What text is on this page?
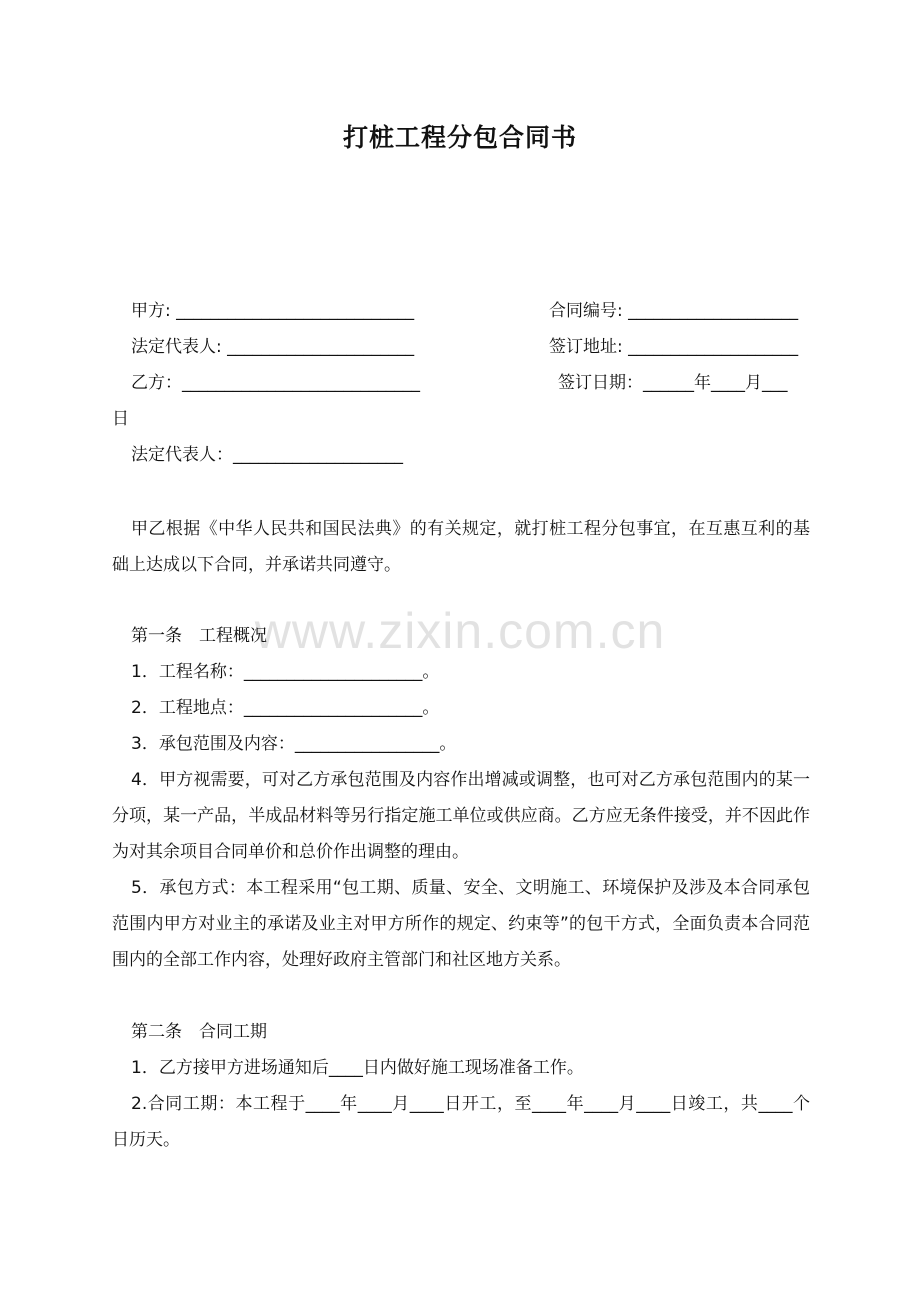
打桩工程分包合同书
甲方: ____________________________	合同编号: ____________________
法定代表人: ______________________	签订地址: ____________________
乙方：____________________________	签订日期：______年____月___
日
法定代表人：____________________
甲乙根据《中华人民共和国民法典》的有关规定，就打桩工程分包事宜，在互惠互利的基础上达成以下合同，并承诺共同遵守。
www.zixin.com.cn
第一条　工程概况
1．工程名称：_____________________。
2．工程地点：_____________________。
3．承包范围及内容：_________________。
4．甲方视需要，可对乙方承包范围及内容作出增减或调整，也可对乙方承包范围内的某一分项，某一产品，半成品材料等另行指定施工单位或供应商。乙方应无条件接受，并不因此作为对其余项目合同单价和总价作出调整的理由。
5．承包方式：本工程采用“包工期、质量、安全、文明施工、环境保护及涉及本合同承包范围内甲方对业主的承诺及业主对甲方所作的规定、约束等”的包干方式，全面负责本合同范围内的全部工作内容，处理好政府主管部门和社区地方关系。
第二条　合同工期
1．乙方接甲方进场通知后____日内做好施工现场准备工作。
2.合同工期：本工程于____年____月____日开工，至____年____月____日竣工，共____个日历天。
